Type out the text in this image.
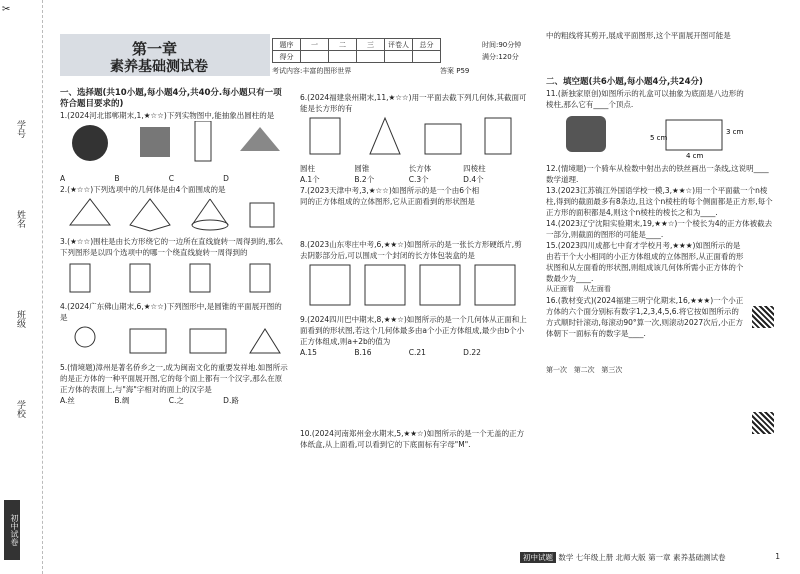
✂
学号
姓名
班级
学校
初中试卷
第一章
素养基础测试卷
题序	一	二	三	评卷人	总分
得分					
时间:90分钟
满分:120分
考试内容:丰富的图形世界	答案 P59
一、选择题(共10小题,每小题4分,共40分.每小题只有一项符合题目要求的)
1.(2024河北邯郸期末,1,★☆☆)下列实物图中,能抽象出圆柱的是
A	B	C	D
2.(★☆☆)下列选项中的几何体是由4个面围成的是
3.(★☆☆)围柱是由长方形绕它的一边所在直线旋转一周得到的,那么下列图形是以四个选项中的哪一个绕直线旋转一周得到的
4.(2024广东佛山期末,6,★☆☆)下列图形中,是圆锥的平面展开图的是
5.(情境题)漳州是著名侨乡之一,成为闽南文化的重要发祥地.如图所示的是正方体的一种平面展开图,它的每个面上都有一个汉字,那么在原正方体的表面上,与"海"字相对的面上的汉字是
A.丝	B.绸	C.之	D.路
6.(2024福建泉州期末,11,★☆☆)用一平面去截下列几何体,其截面可能是长方形的有
圆柱	圆锥	长方体	四棱柱
A.1个	B.2个	C.3个	D.4个
7.(2023天津中考,3,★☆☆)如图所示的是一个由6个相同的正方体组成的立体图形,它从正面看到的形状图是
8.(2023山东枣庄中考,6,★★☆)如图所示的是一张长方形硬纸片,剪去阴影部分后,可以围成一个封闭的长方体包装盒的是
9.(2024四川巴中期末,8,★★☆)如图所示的是一个几何体从正面和上面看到的形状图,若这个几何体最多由a个小正方体组成,最少由b个小正方体组成,则a+2b的值为
A.15	B.16	C.21	D.22
10.(2024河南郑州金水期末,5,★★☆)如图所示的是一个无盖的正方体纸盒,从上面看,可以看到它的下底面标有字母"M".
中的粗线将其剪开,展成平面图形,这个平面展开图可能是
二、填空题(共6小题,每小题4分,共24分)
11.(新独家原创)如图所示的礼盒可以抽象为底面是八边形的棱柱,那么它有____个顶点.
5 cm
4 cm
3 cm
12.(情境题)一个骑车从检数中射出去的铁丝画出一条线,这说明____数学道理.
13.(2023江苏镇江外国语学校一模,3,★★☆)用一个平面截一个n棱柱,得到的截面最多有8条边,且这个n棱柱的每个侧面都是正方形,每个正方形的面积都是4,则这个n棱柱的棱长之和为____.
14.(2023辽宁沈阳实验期末,19,★★☆)一个棱长为4的正方体被截去一部分,则截面的图形的可能是____.
15.(2023四川成都七中育才学校月考,★★★)如图所示的是由若干个大小相同的小正方体组成的立体图形,从正面看的形状图和从左面看的形状图,则组成该几何体所需小正方体的个数最少为____.
从正面看 从左面看
16.(教材变式)(2024福建三明宁化期末,16,★★★)一个小正方体的六个面分别标有数字1,2,3,4,5,6.将它按如图所示的方式顺时针滚动,每滚动90°算一次,则滚动2027次后,小正方体朝下一面标有的数字是____.
第一次 第二次 第三次
初中试题 数学 七年级上册 北师大版 第一章 素养基础测试卷	1
